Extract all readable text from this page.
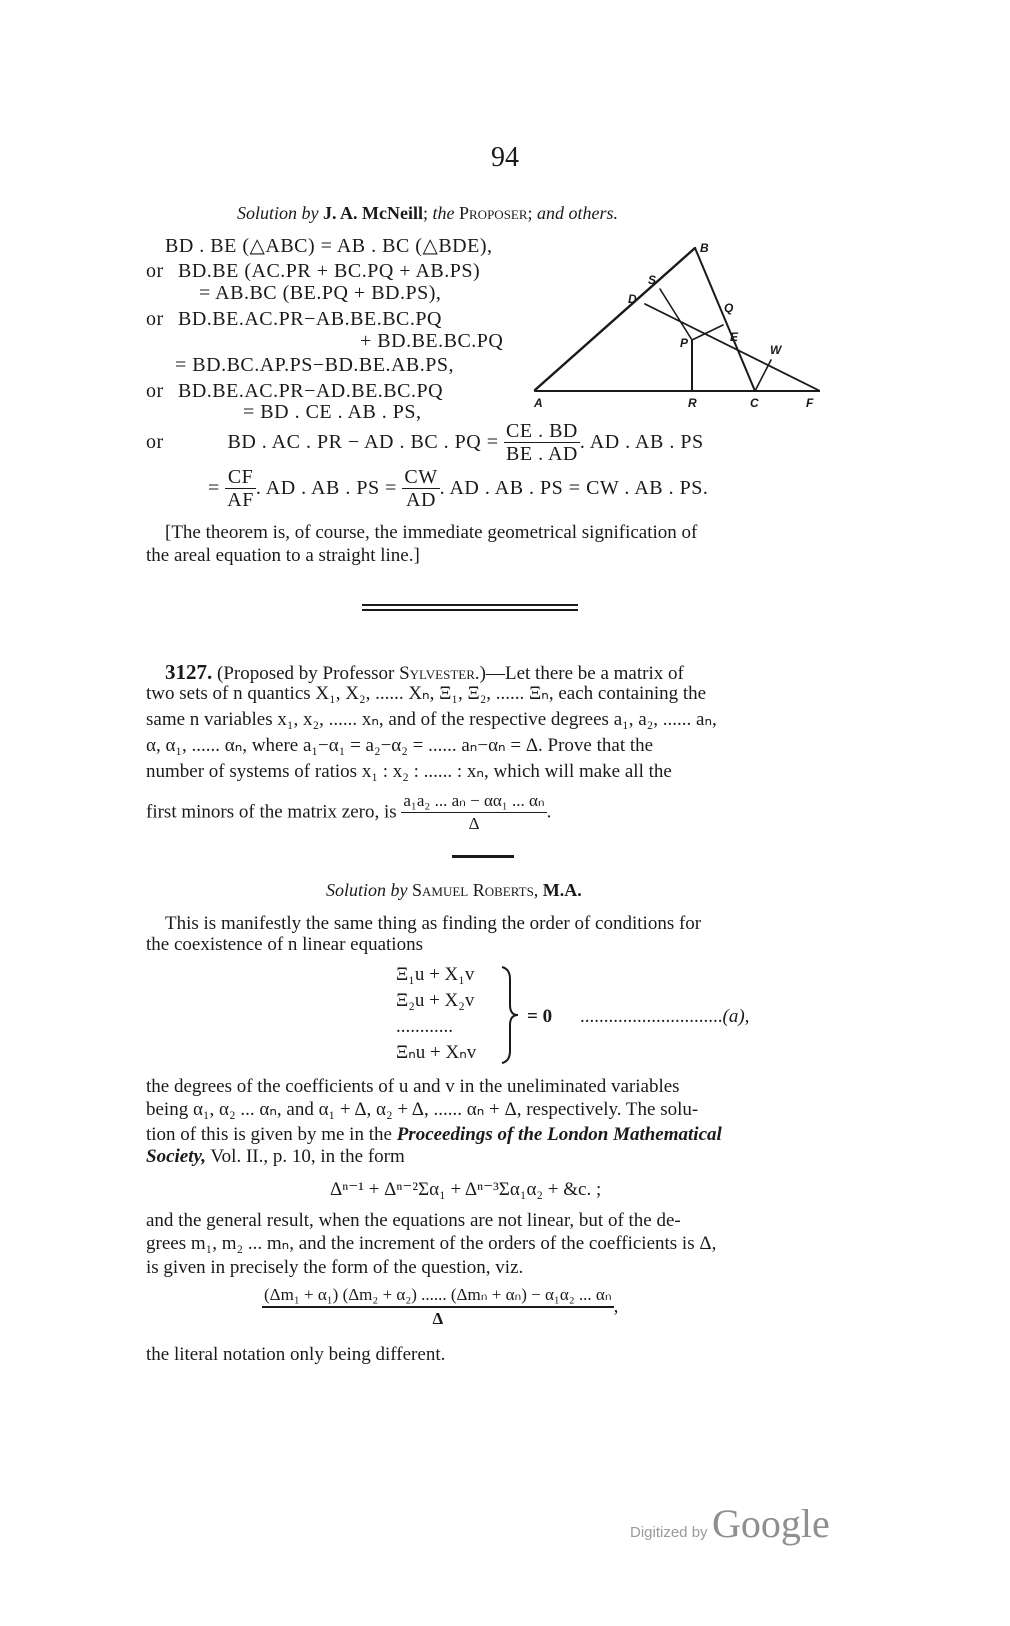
94
Solution by J. A. McNeill; the Proposer; and others.
BD . BE (△ABC) = AB . BC (△BDE),
or BD.BE (AC.PR + BC.PQ + AB.PS)
= AB.BC (BE.PQ + BD.PS),
or BD.BE.AC.PR−AB.BE.BC.PQ
+ BD.BE.BC.PQ
= BD.BC.AP.PS−BD.BE.AB.PS,
or BD.BE.AC.PR−AD.BE.BC.PQ
= BD . CE . AB . PS,
or	BD . AC . PR − AD . BC . PQ = $\frac{CE . BD}{BE . AD}$ . AD . AB . PS
= $\frac{CF}{AF}$ . AD . AB . PS = $\frac{CW}{AD}$ . AD . AB . PS = CW . AB . PS.
[The theorem is, of course, the immediate geometrical signification of
the areal equation to a straight line.]
A
B
C
D
E
F
P
Q
R
S
W
3127. (Proposed by Professor Sylvester.)—Let there be a matrix of
two sets of n quantics X₁, X₂, ...... Xₙ, Ξ₁, Ξ₂, ...... Ξₙ, each containing the
same n variables x₁, x₂, ...... xₙ, and of the respective degrees a₁, a₂, ...... aₙ,
α, α₁, ...... αₙ, where a₁−α₁ = a₂−α₂ = ...... aₙ−αₙ = Δ. Prove that the
number of systems of ratios x₁ : x₂ : ...... : xₙ, which will make all the
first minors of the matrix zero, is $\frac{\text{a₁a₂ ... aₙ − αα₁ ... αₙ}}{\Delta}$ .
Solution by Samuel Roberts, M.A.
This is manifestly the same thing as finding the order of conditions for
the coexistence of n linear equations
Ξ₁u + X₁v
Ξ₂u + X₂v
............
Ξₙu + Xₙv
= 0 ..............................(a),
the degrees of the coefficients of u and v in the uneliminated variables
being α₁, α₂ ... αₙ, and α₁ + Δ, α₂ + Δ, ...... αₙ + Δ, respectively. The solu-
tion of this is given by me in the Proceedings of the London Mathematical
Society, Vol. II., p. 10, in the form
Δⁿ⁻¹ + Δⁿ⁻²Σα₁ + Δⁿ⁻³Σα₁α₂ + &c. ;
and the general result, when the equations are not linear, but of the de-
grees m₁, m₂ ... mₙ, and the increment of the orders of the coefficients is Δ,
is given in precisely the form of the question, viz.
$\frac{\text{(Δm₁ + α₁) (Δm₂ + α₂) ...... (Δmₙ + αₙ) − α₁α₂ ... αₙ}}{\Delta}$ ,
the literal notation only being different.
Digitized by Google
